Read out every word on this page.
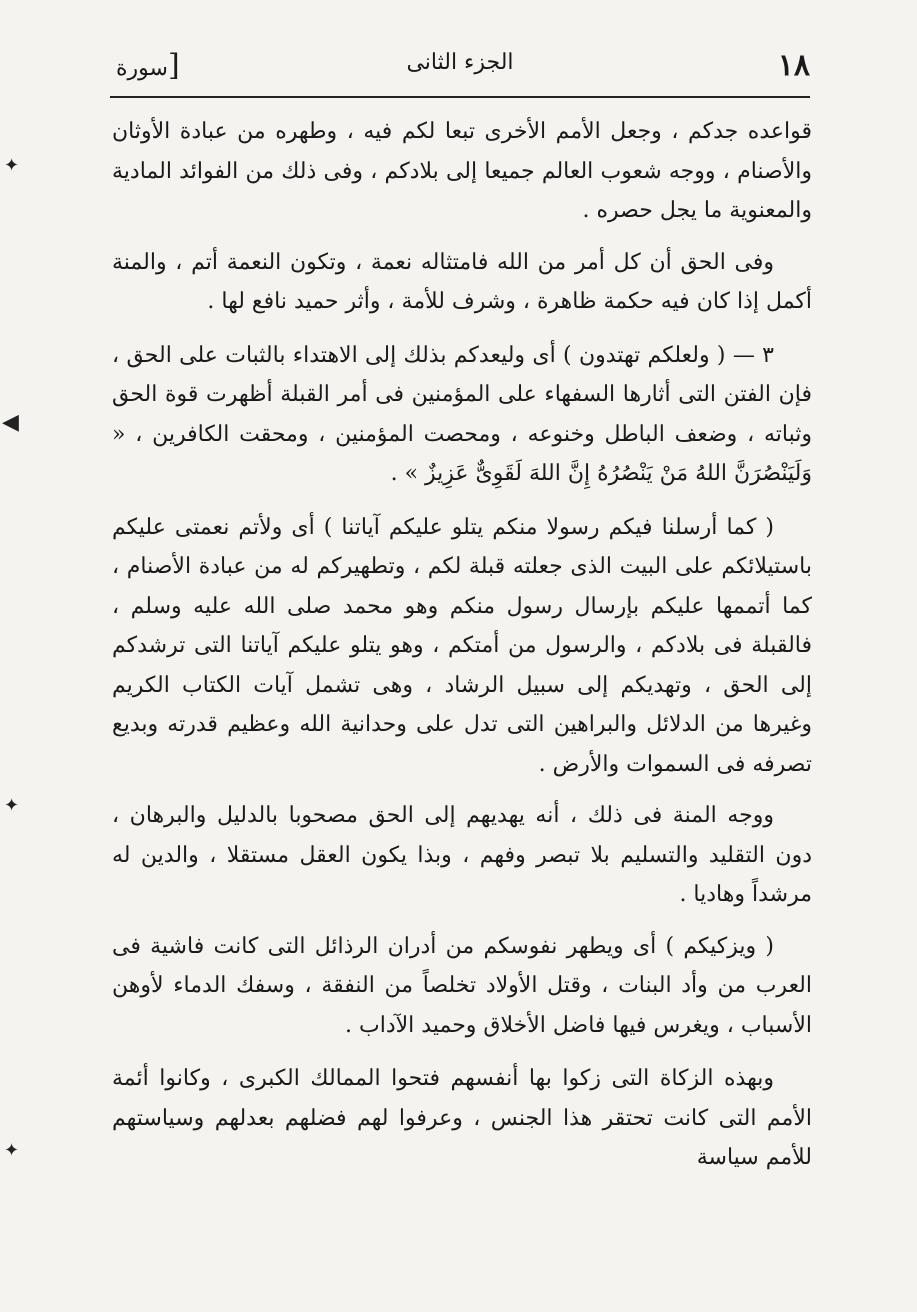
١٨
الجزء الثانى
[سورة

قواعده جدكم ، وجعل الأمم الأخرى تبعا لكم فيه ، وطهره من عبادة الأوثان والأصنام ، ووجه شعوب العالم جميعا إلى بلادكم ، وفى ذلك من الفوائد المادية والمعنوية ما يجل حصره .

وفى الحق أن كل أمر من الله فامتثاله نعمة ، وتكون النعمة أتم ، والمنة أكمل إذا كان فيه حكمة ظاهرة ، وشرف للأمة ، وأثر حميد نافع لها .

٣ — ( ولعلكم تهتدون ) أى وليعدكم بذلك إلى الاهتداء بالثبات على الحق ، فإن الفتن التى أثارها السفهاء على المؤمنين فى أمر القبلة أظهرت قوة الحق وثباته ، وضعف الباطل وخنوعه ، ومحصت المؤمنين ، ومحقت الكافرين ، « وَلَيَنْصُرَنَّ اللهُ مَنْ يَنْصُرُهُ إِنَّ اللهَ لَقَوِىٌّ عَزِيزٌ » .

( كما أرسلنا فيكم رسولا منكم يتلو عليكم آياتنا ) أى ولأتم نعمتى عليكم باستيلائكم على البيت الذى جعلته قبلة لكم ، وتطهيركم له من عبادة الأصنام ، كما أتممها عليكم بإرسال رسول منكم وهو محمد صلى الله عليه وسلم ، فالقبلة فى بلادكم ، والرسول من أمتكم ، وهو يتلو عليكم آياتنا التى ترشدكم إلى الحق ، وتهديكم إلى سبيل الرشاد ، وهى تشمل آيات الكتاب الكريم وغيرها من الدلائل والبراهين التى تدل على وحدانية الله وعظيم قدرته وبديع تصرفه فى السموات والأرض .

ووجه المنة فى ذلك ، أنه يهديهم إلى الحق مصحوبا بالدليل والبرهان ، دون التقليد والتسليم بلا تبصر وفهم ، وبذا يكون العقل مستقلا ، والدين له مرشداً وهاديا .

( ويزكيكم ) أى ويطهر نفوسكم من أدران الرذائل التى كانت فاشية فى العرب من وأد البنات ، وقتل الأولاد تخلصاً من النفقة ، وسفك الدماء لأوهن الأسباب ، ويغرس فيها فاضل الأخلاق وحميد الآداب .

وبهذه الزكاة التى زكوا بها أنفسهم فتحوا الممالك الكبرى ، وكانوا أئمة الأمم التى كانت تحتقر هذا الجنس ، وعرفوا لهم فضلهم بعدلهم وسياستهم للأمم سياسة

✦
◀
✦
✦
